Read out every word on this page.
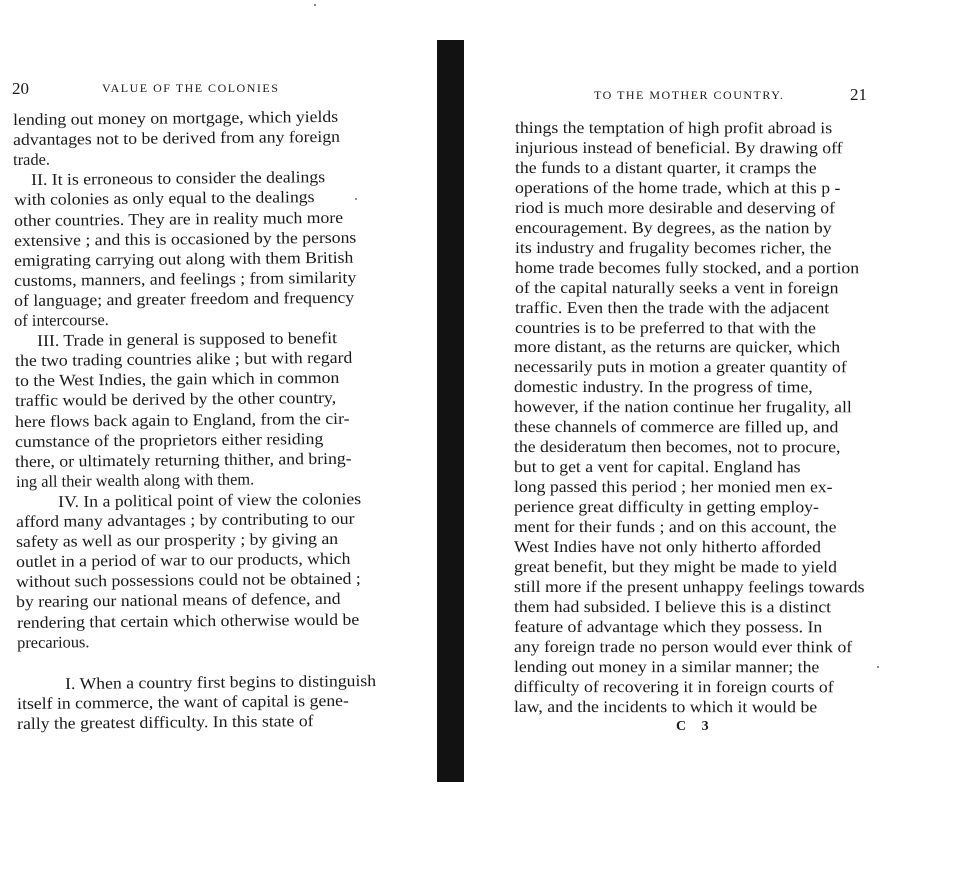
20	VALUE OF THE COLONIES
lending out money on mortgage, which yields
advantages not to be derived from any foreign
trade.
II. It is erroneous to consider the dealings
with colonies as only equal to the dealings
other countries. They are in reality much more
extensive ; and this is occasioned by the persons
emigrating carrying out along with them British
customs, manners, and feelings ; from similarity
of language; and greater freedom and frequency
of intercourse.
III. Trade in general is supposed to benefit
the two trading countries alike ; but with regard
to the West Indies, the gain which in common
traffic would be derived by the other country,
here flows back again to England, from the cir-
cumstance of the proprietors either residing
there, or ultimately returning thither, and bring-
ing all their wealth along with them.
IV. In a political point of view the colonies
afford many advantages ; by contributing to our
safety as well as our prosperity ; by giving an
outlet in a period of war to our products, which
without such possessions could not be obtained ;
by rearing our national means of defence, and
rendering that certain which otherwise would be
precarious.
I. When a country first begins to distinguish
itself in commerce, the want of capital is gene-
rally the greatest difficulty. In this state of
TO THE MOTHER COUNTRY.	21
things the temptation of high profit abroad is
injurious instead of beneficial. By drawing off
the funds to a distant quarter, it cramps the
operations of the home trade, which at this p -
riod is much more desirable and deserving of
encouragement. By degrees, as the nation by
its industry and frugality becomes richer, the
home trade becomes fully stocked, and a portion
of the capital naturally seeks a vent in foreign
traffic. Even then the trade with the adjacent
countries is to be preferred to that with the
more distant, as the returns are quicker, which
necessarily puts in motion a greater quantity of
domestic industry. In the progress of time,
however, if the nation continue her frugality, all
these channels of commerce are filled up, and
the desideratum then becomes, not to procure,
but to get a vent for capital. England has
long passed this period ; her monied men ex-
perience great difficulty in getting employ-
ment for their funds ; and on this account, the
West Indies have not only hitherto afforded
great benefit, but they might be made to yield
still more if the present unhappy feelings towards
them had subsided. I believe this is a distinct
feature of advantage which they possess. In
any foreign trade no person would ever think of
lending out money in a similar manner; the
difficulty of recovering it in foreign courts of
law, and the incidents to which it would be
C 3
